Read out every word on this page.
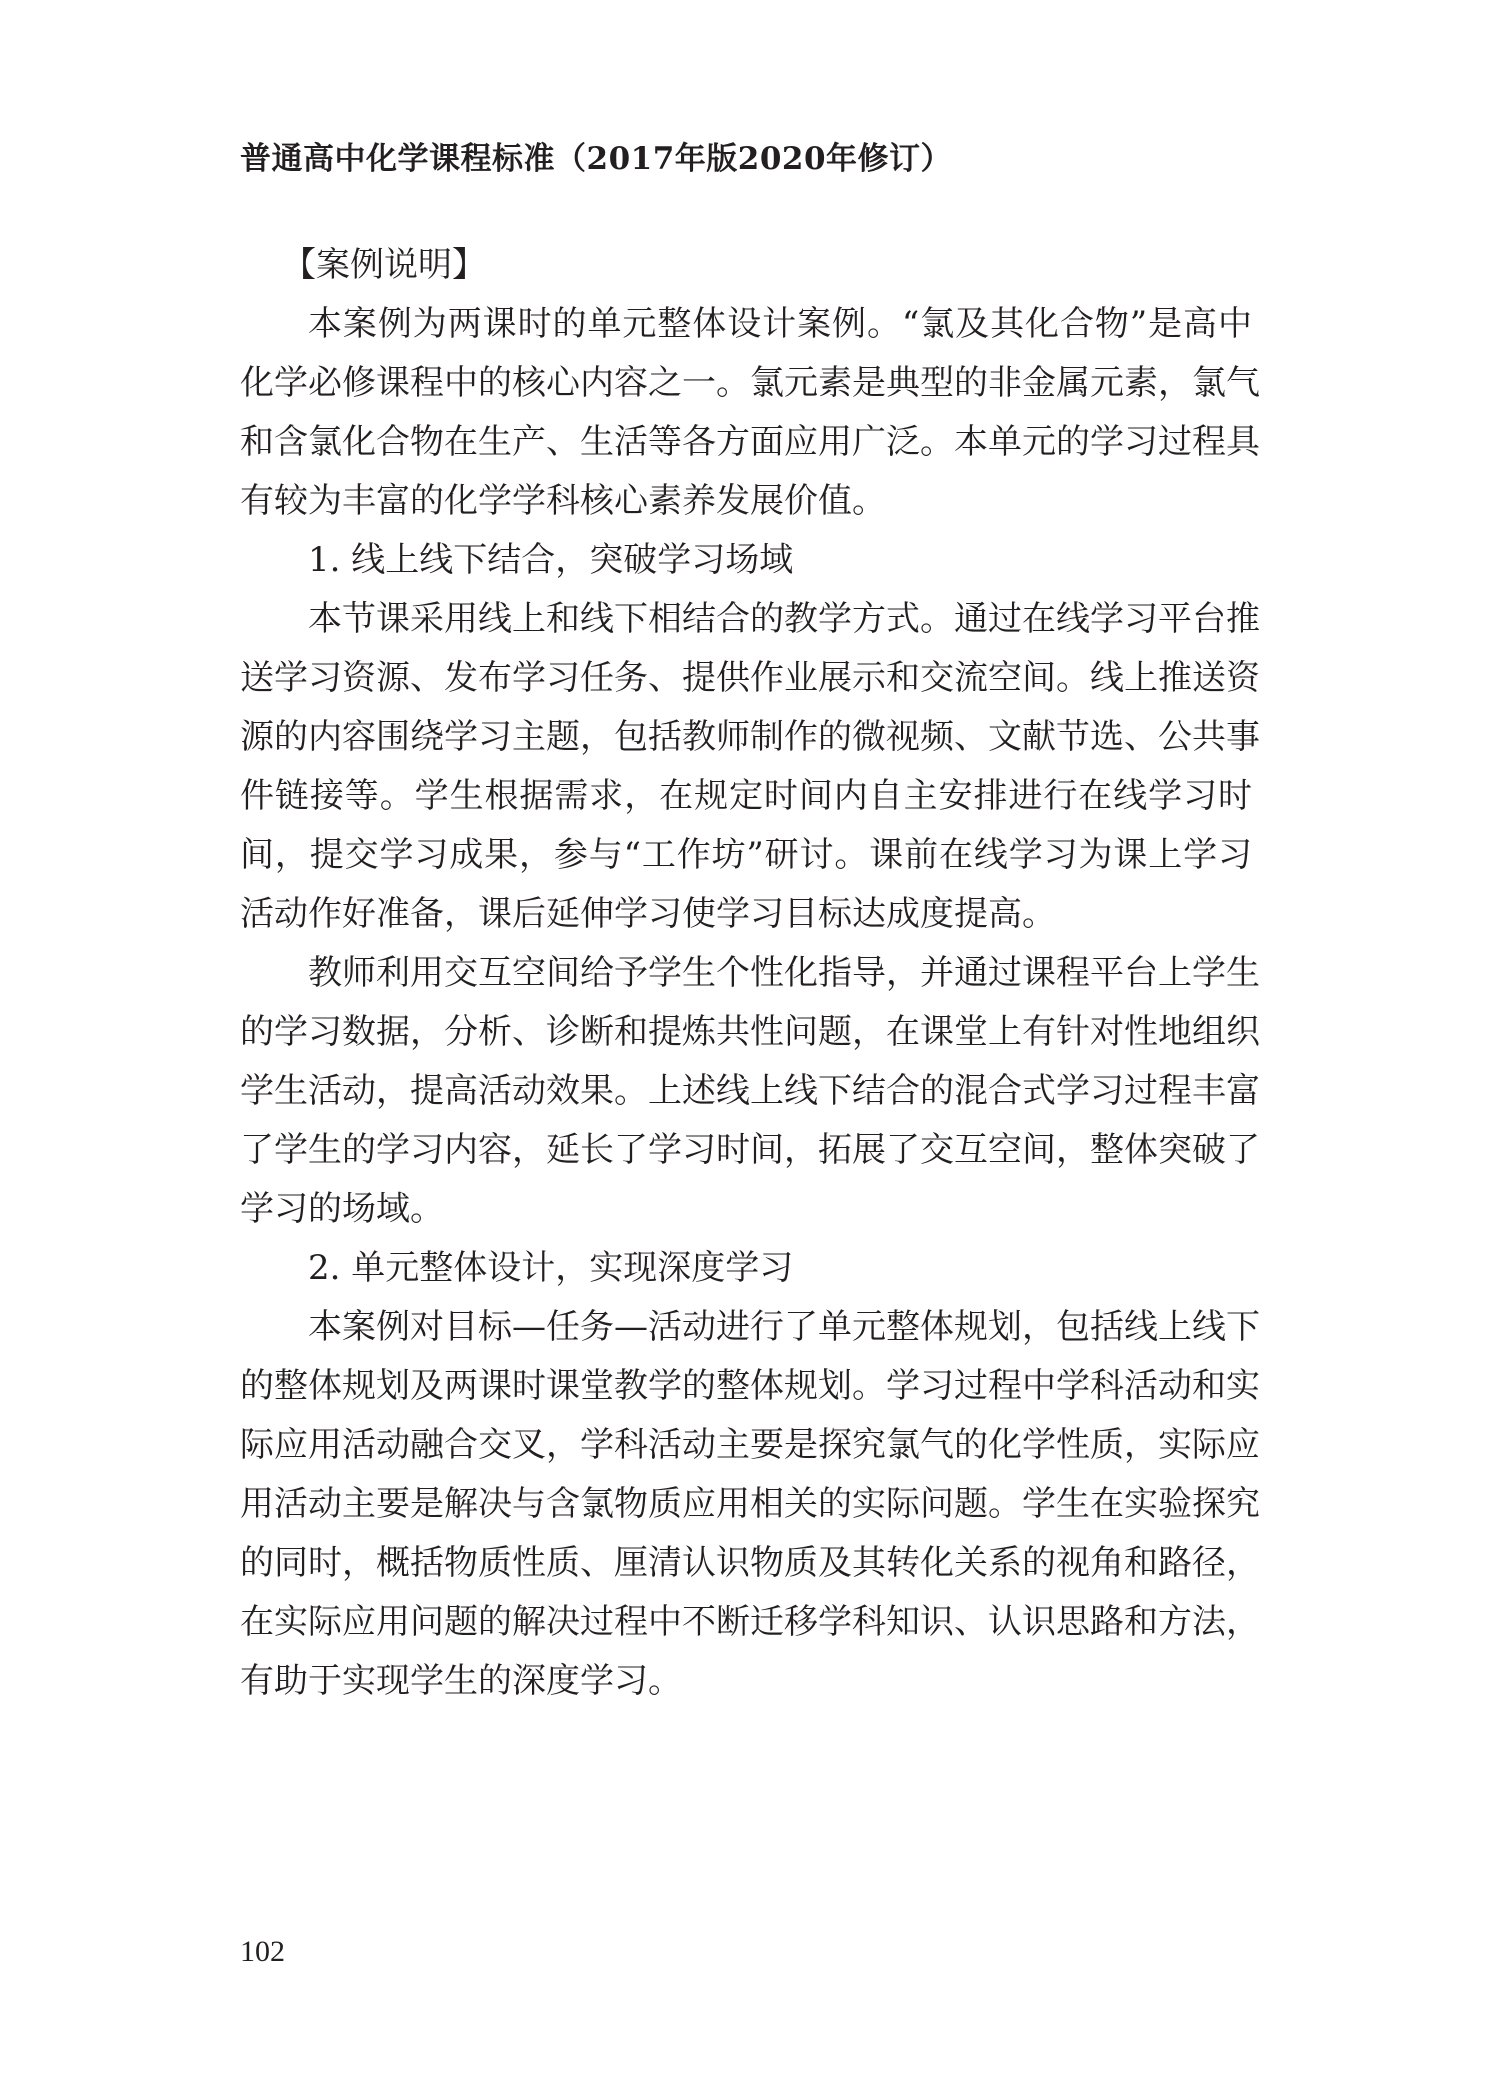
普通高中化学课程标准（2017年版2020年修订）
【案例说明】
本案例为两课时的单元整体设计案例。“氯及其化合物”是高中
化学必修课程中的核心内容之一。氯元素是典型的非金属元素，氯气
和含氯化合物在生产、生活等各方面应用广泛。本单元的学习过程具
有较为丰富的化学学科核心素养发展价值。
1. 线上线下结合，突破学习场域
本节课采用线上和线下相结合的教学方式。通过在线学习平台推
送学习资源、发布学习任务、提供作业展示和交流空间。线上推送资
源的内容围绕学习主题，包括教师制作的微视频、文献节选、公共事
件链接等。学生根据需求，在规定时间内自主安排进行在线学习时
间，提交学习成果，参与“工作坊”研讨。课前在线学习为课上学习
活动作好准备，课后延伸学习使学习目标达成度提高。
教师利用交互空间给予学生个性化指导，并通过课程平台上学生
的学习数据，分析、诊断和提炼共性问题，在课堂上有针对性地组织
学生活动，提高活动效果。上述线上线下结合的混合式学习过程丰富
了学生的学习内容，延长了学习时间，拓展了交互空间，整体突破了
学习的场域。
2. 单元整体设计，实现深度学习
本案例对目标—任务—活动进行了单元整体规划，包括线上线下
的整体规划及两课时课堂教学的整体规划。学习过程中学科活动和实
际应用活动融合交叉，学科活动主要是探究氯气的化学性质，实际应
用活动主要是解决与含氯物质应用相关的实际问题。学生在实验探究
的同时，概括物质性质、厘清认识物质及其转化关系的视角和路径，
在实际应用问题的解决过程中不断迁移学科知识、认识思路和方法，
有助于实现学生的深度学习。
102
